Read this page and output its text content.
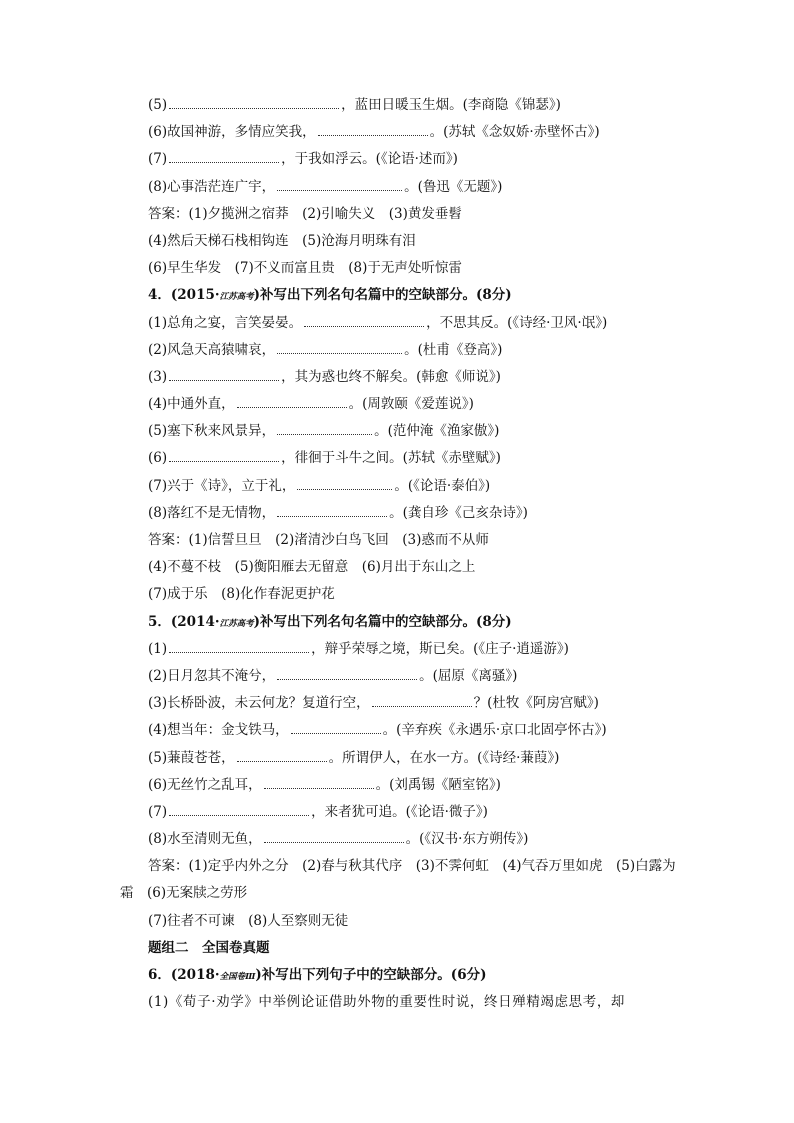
(5)	，蓝田日暖玉生烟。(李商隐《锦瑟》)
(6)故国神游，多情应笑我，	。(苏轼《念奴娇·赤壁怀古》)
(7)	，于我如浮云。(《论语·述而》)
(8)心事浩茫连广宇，	。(鲁迅《无题》)
答案：(1)夕揽洲之宿莽　(2)引喻失义　(3)黄发垂髫
(4)然后天梯石栈相钩连　(5)沧海月明珠有泪
(6)早生华发　(7)不义而富且贵　(8)于无声处听惊雷
4．(2015·江苏高考)补写出下列名句名篇中的空缺部分。(8分)
(1)总角之宴，言笑晏晏。	，不思其反。(《诗经·卫风·氓》)
(2)风急天高猿啸哀，	。(杜甫《登高》)
(3)	，其为惑也终不解矣。(韩愈《师说》)
(4)中通外直，	。(周敦颐《爱莲说》)
(5)塞下秋来风景异，	。(范仲淹《渔家傲》)
(6)	，徘徊于斗牛之间。(苏轼《赤壁赋》)
(7)兴于《诗》，立于礼，	。(《论语·泰伯》)
(8)落红不是无情物，	。(龚自珍《己亥杂诗》)
答案：(1)信誓旦旦　(2)渚清沙白鸟飞回　(3)惑而不从师
(4)不蔓不枝　(5)衡阳雁去无留意　(6)月出于东山之上
(7)成于乐　(8)化作春泥更护花
5．(2014·江苏高考)补写出下列名句名篇中的空缺部分。(8分)
(1)	，辩乎荣辱之境，斯已矣。(《庄子·逍遥游》)
(2)日月忽其不淹兮，	。(屈原《离骚》)
(3)长桥卧波，未云何龙？复道行空，	？(杜牧《阿房宫赋》)
(4)想当年：金戈铁马，	。(辛弃疾《永遇乐·京口北固亭怀古》)
(5)蒹葭苍苍，	。所谓伊人，在水一方。(《诗经·蒹葭》)
(6)无丝竹之乱耳，	。(刘禹锡《陋室铭》)
(7)	，来者犹可追。(《论语·微子》)
(8)水至清则无鱼，	。(《汉书·东方朔传》)
答案：(1)定乎内外之分　(2)春与秋其代序　(3)不霁何虹　(4)气吞万里如虎　(5)白露为
霜　(6)无案牍之劳形
(7)往者不可谏　(8)人至察则无徒
题组二　全国卷真题
6．(2018·全国卷Ⅲ)补写出下列句子中的空缺部分。(6分)
(1)《荀子·劝学》中举例论证借助外物的重要性时说，终日殚精竭虑思考，却
